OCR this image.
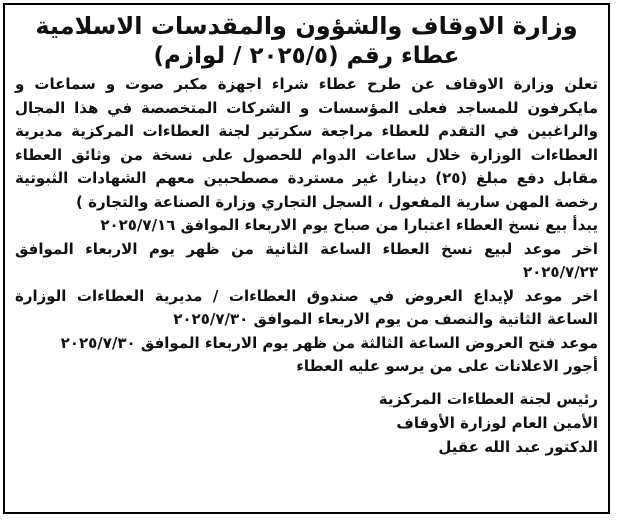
وزارة الاوقاف والشؤون والمقدسات الاسلامية
عطاء رقم (٢٠٢٥/٥ / لوازم)

تعلن وزارة الاوقاف عن طرح عطاء شراء اجهزة مكبر صوت و سماعات و مايكرفون للمساجد فعلى المؤسسات و الشركات المتخصصة في هذا المجال والراغبين في التقدم للعطاء مراجعة سكرتير لجنة العطاءات المركزية مديرية العطاءات الوزارة خلال ساعات الدوام للحصول على نسخة من وثائق العطاء مقابل دفع مبلغ (٢٥) دينارا غير مستردة مصطحبين معهم الشهادات الثبوتية رخصة المهن سارية المفعول ، السجل التجاري وزارة الصناعة والتجارة )

يبدأ بيع نسخ العطاء اعتبارا من صباح يوم الاربعاء الموافق ٢٠٢٥/٧/١٦

اخر موعد لبيع نسخ العطاء الساعة الثانية من ظهر يوم الاربعاء الموافق ٢٠٢٥/٧/٢٣

اخر موعد لإيداع العروض في صندوق العطاءات / مديرية العطاءات الوزارة الساعة الثانية والنصف من يوم الاربعاء الموافق ٢٠٢٥/٧/٣٠

موعد فتح العروض الساعة الثالثة من ظهر يوم الاربعاء الموافق ٢٠٢٥/٧/٣٠

أجور الاعلانات على من يرسو عليه العطاء

رئيس لجنة العطاءات المركزية

الأمين العام لوزارة الأوقاف

الدكتور عبد الله عقيل
